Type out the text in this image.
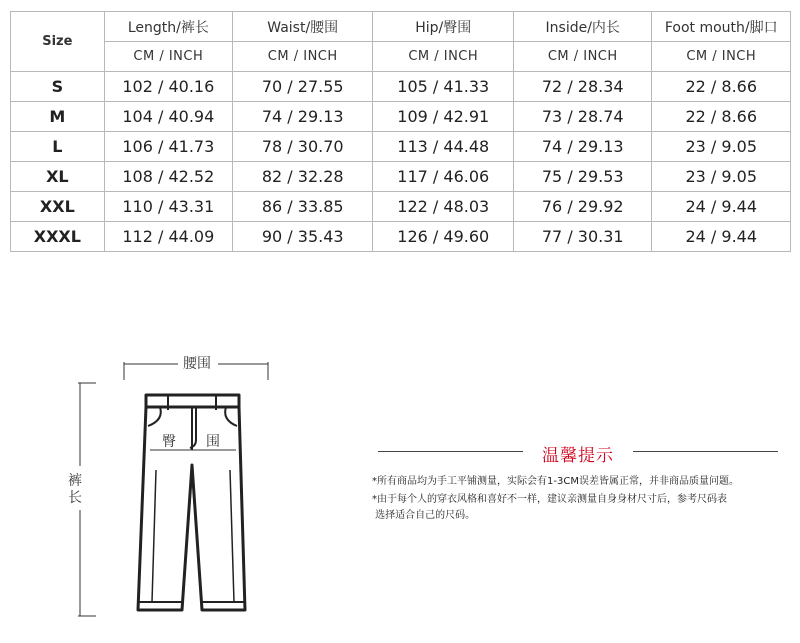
Size	Length/裤长	Waist/腰围	Hip/臀围	Inside/内长	Foot mouth/脚口
	CM / INCH	CM / INCH	CM / INCH	CM / INCH	CM / INCH
S	102 / 40.16	70 / 27.55	105 / 41.33	72 / 28.34	22 / 8.66
M	104 / 40.94	74 / 29.13	109 / 42.91	73 / 28.74	22 / 8.66
L	106 / 41.73	78 / 30.70	113 / 44.48	74 / 29.13	23 / 9.05
XL	108 / 42.52	82 / 32.28	117 / 46.06	75 / 29.53	23 / 9.05
XXL	110 / 43.31	86 / 33.85	122 / 48.03	76 / 29.92	24 / 9.44
XXXL	112 / 44.09	90 / 35.43	126 / 49.60	77 / 30.31	24 / 9.44
腰围
臀 围
裤
长
温馨提示

*所有商品均为手工平铺测量，实际会有1-3CM误差皆属正常，并非商品质量问题。

*由于每个人的穿衣风格和喜好不一样，建议亲测量自身身材尺寸后，参考尺码表

选择适合自己的尺码。
